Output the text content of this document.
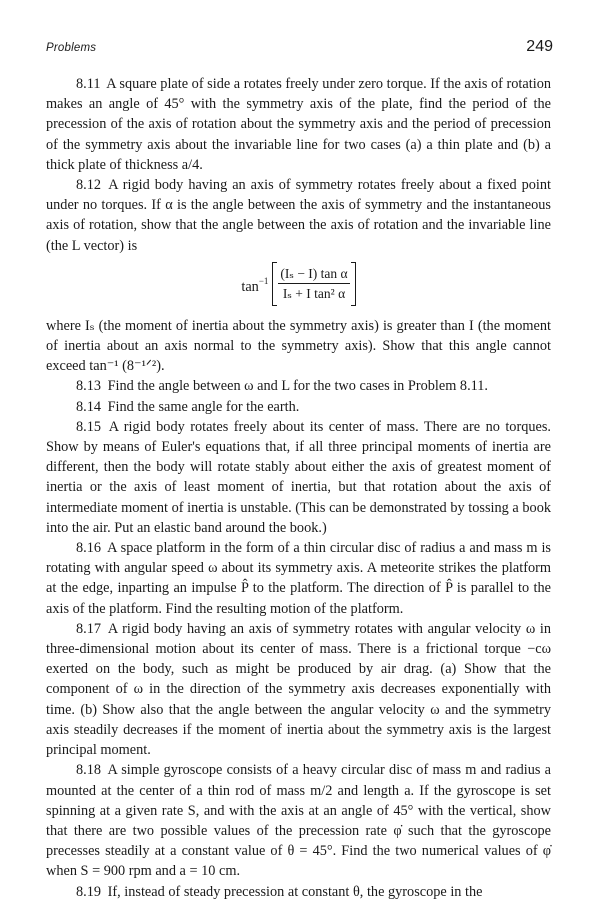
Problems	249

8.11 A square plate of side a rotates freely under zero torque. If the axis of rotation makes an angle of 45° with the symmetry axis of the plate, find the period of the precession of the axis of rotation about the symmetry axis and the period of precession of the symmetry axis about the invariable line for two cases (a) a thin plate and (b) a thick plate of thickness a/4.

8.12 A rigid body having an axis of symmetry rotates freely about a fixed point under no torques. If α is the angle between the axis of symmetry and the instantaneous axis of rotation, show that the angle between the axis of rotation and the invariable line (the L vector) is

$\tan^{-1} \frac{\text{(Iₛ − I) tan α}}{\text{Iₛ + I tan² α}}$

where Iₛ (the moment of inertia about the symmetry axis) is greater than I (the moment of inertia about an axis normal to the symmetry axis). Show that this angle cannot exceed tan⁻¹ (8⁻¹ᐟ²).

8.13 Find the angle between ω and L for the two cases in Problem 8.11.

8.14 Find the same angle for the earth.

8.15 A rigid body rotates freely about its center of mass. There are no torques. Show by means of Euler's equations that, if all three principal moments of inertia are different, then the body will rotate stably about either the axis of greatest moment of inertia or the axis of least moment of inertia, but that rotation about the axis of intermediate moment of inertia is unstable. (This can be demonstrated by tossing a book into the air. Put an elastic band around the book.)

8.16 A space platform in the form of a thin circular disc of radius a and mass m is rotating with angular speed ω about its symmetry axis. A meteorite strikes the platform at the edge, inparting an impulse P̂ to the platform. The direction of P̂ is parallel to the axis of the platform. Find the resulting motion of the platform.

8.17 A rigid body having an axis of symmetry rotates with angular velocity ω in three-dimensional motion about its center of mass. There is a frictional torque −cω exerted on the body, such as might be produced by air drag. (a) Show that the component of ω in the direction of the symmetry axis decreases exponentially with time. (b) Show also that the angle between the angular velocity ω and the symmetry axis steadily decreases if the moment of inertia about the symmetry axis is the largest principal moment.

8.18 A simple gyroscope consists of a heavy circular disc of mass m and radius a mounted at the center of a thin rod of mass m/2 and length a. If the gyroscope is set spinning at a given rate S, and with the axis at an angle of 45° with the vertical, show that there are two possible values of the precession rate φ̇ such that the gyroscope precesses steadily at a constant value of θ = 45°. Find the two numerical values of φ̇ when S = 900 rpm and a = 10 cm.

8.19 If, instead of steady precession at constant θ, the gyroscope in the
